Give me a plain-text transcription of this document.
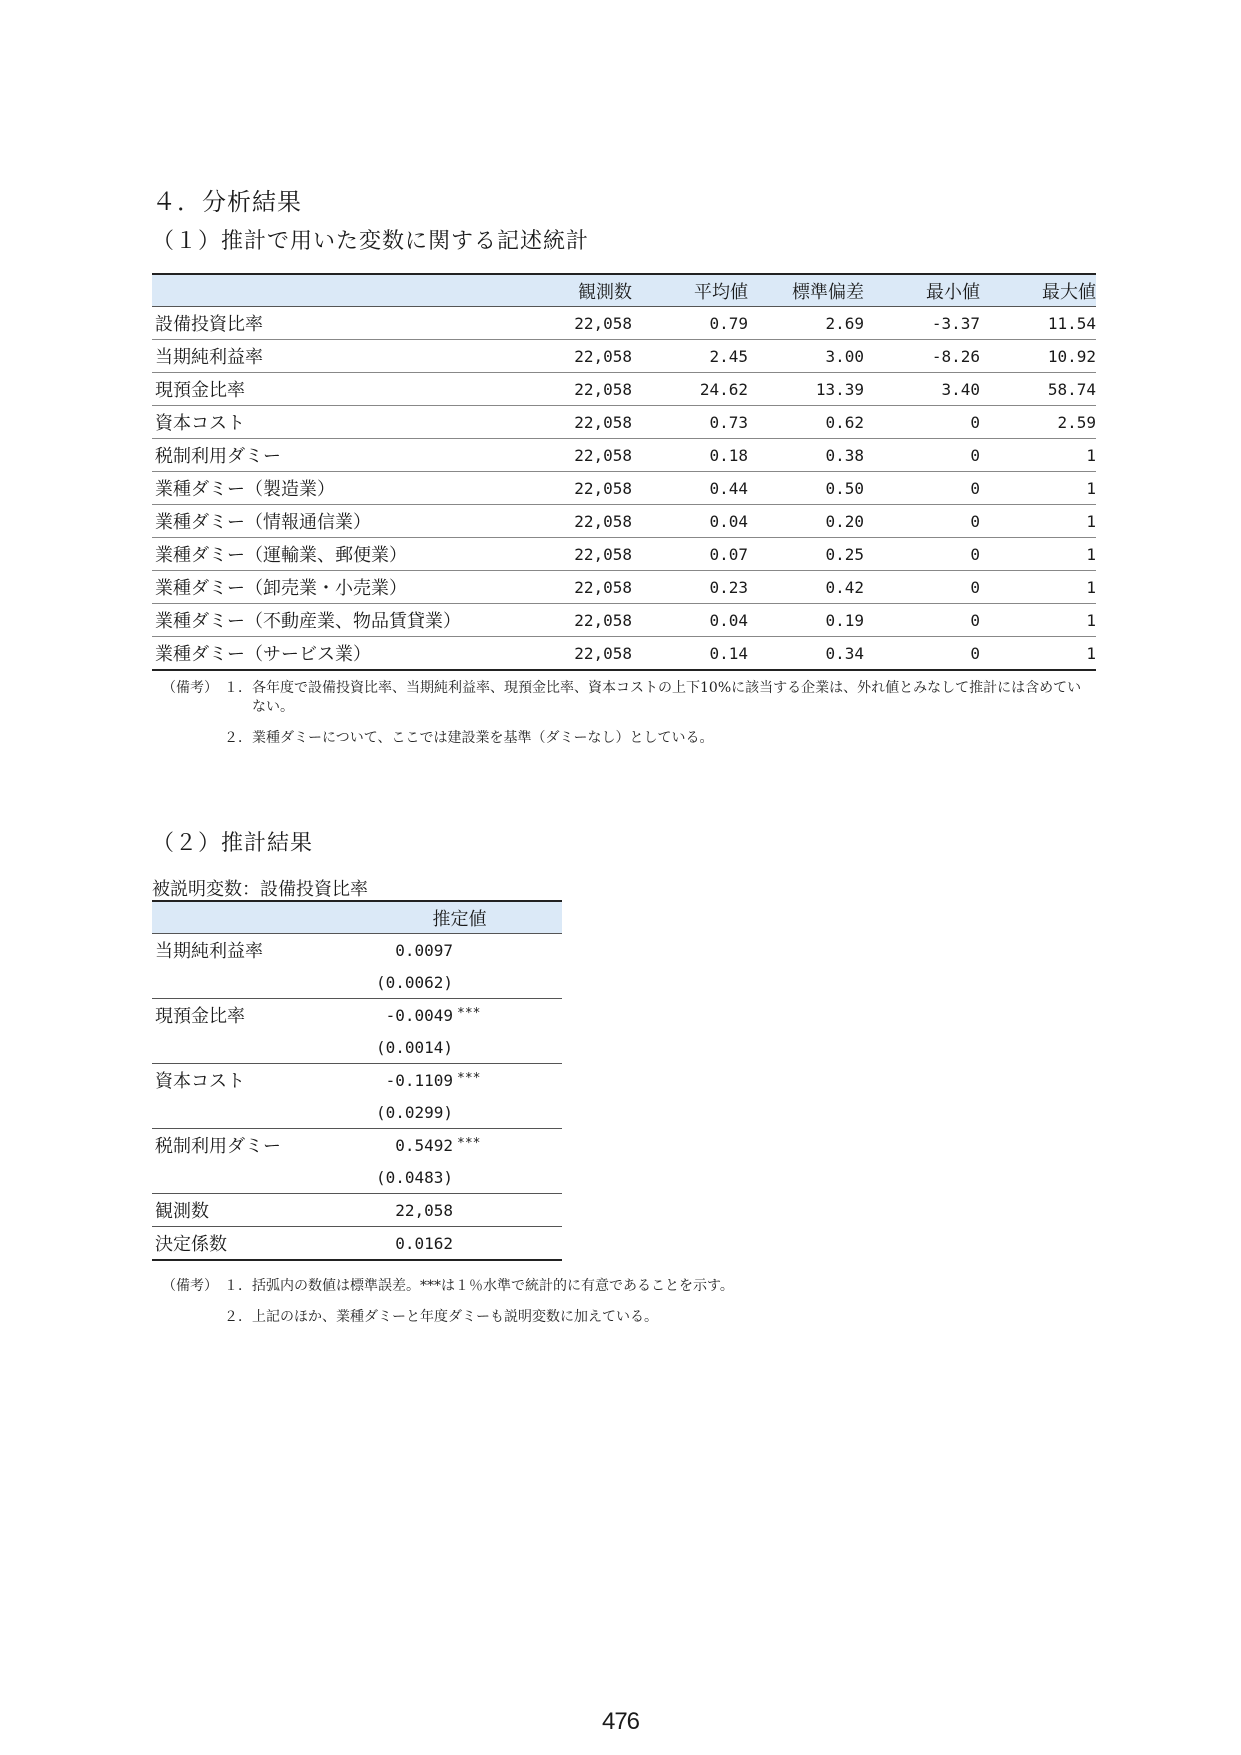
４．分析結果
（１）推計で用いた変数に関する記述統計
	観測数	平均値	標準偏差	最小値	最大値
設備投資比率	22,058	0.79	2.69	-3.37	11.54
当期純利益率	22,058	2.45	3.00	-8.26	10.92
現預金比率	22,058	24.62	13.39	3.40	58.74
資本コスト	22,058	0.73	0.62	0	2.59
税制利用ダミー	22,058	0.18	0.38	0	1
業種ダミー（製造業）	22,058	0.44	0.50	0	1
業種ダミー（情報通信業）	22,058	0.04	0.20	0	1
業種ダミー（運輸業、郵便業）	22,058	0.07	0.25	0	1
業種ダミー（卸売業・小売業）	22,058	0.23	0.42	0	1
業種ダミー（不動産業、物品賃貸業）	22,058	0.04	0.19	0	1
業種ダミー（サービス業）	22,058	0.14	0.34	0	1
（備考） １． 各年度で設備投資比率、当期純利益率、現預金比率、資本コストの上下10%に該当する企業は、外れ値とみなして推計には含めていない。
２． 業種ダミーについて、ここでは建設業を基準（ダミーなし）としている。
（２）推計結果
被説明変数：設備投資比率
	推定値
当期純利益率	0.0097
	(0.0062)
現預金比率	-0.0049 ***
	(0.0014)
資本コスト	-0.1109 ***
	(0.0299)
税制利用ダミー	0.5492 ***
	(0.0483)
観測数	22,058
決定係数	0.0162
（備考） １． 括弧内の数値は標準誤差。***は１％水準で統計的に有意であることを示す。
２． 上記のほか、業種ダミーと年度ダミーも説明変数に加えている。
476
